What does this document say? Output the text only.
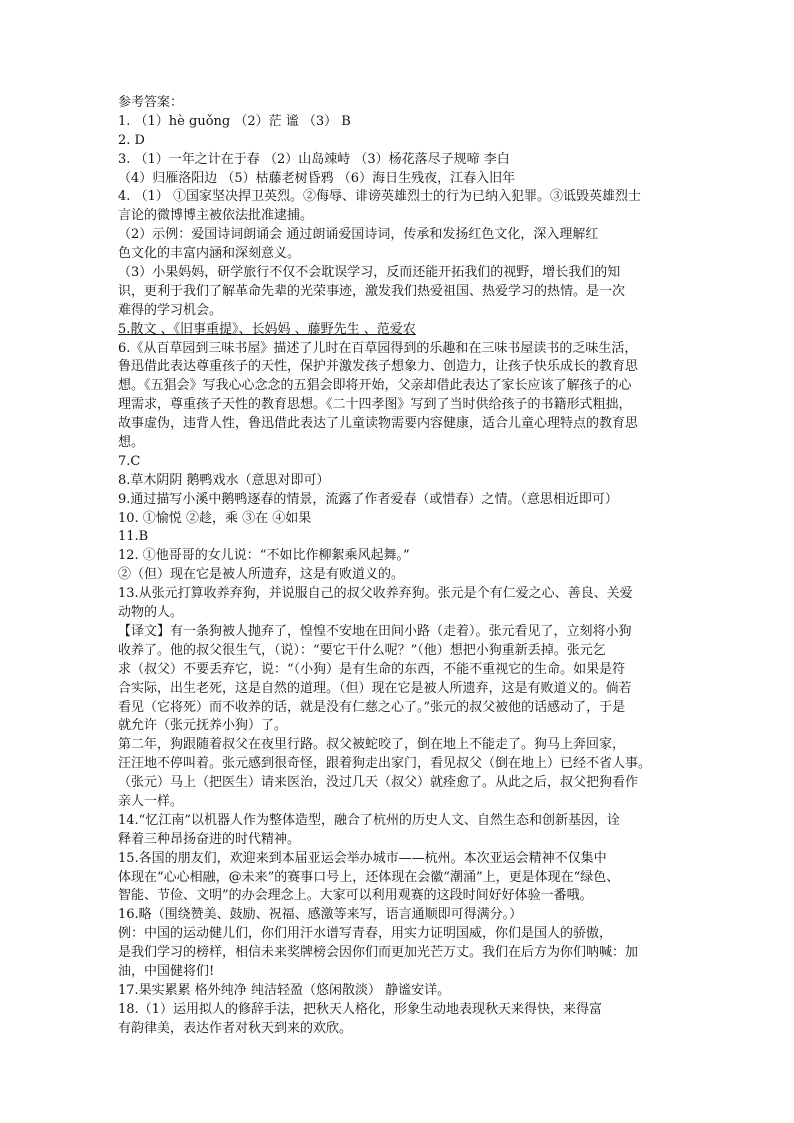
参考答案：
1. （1）hè guǒng （2）茫 谧 （3） B
2. D
3. （1）一年之计在于春 （2）山岛竦峙 （3）杨花落尽子规啼 李白
（4）归雁洛阳边 （5）枯藤老树昏鸦 （6）海日生残夜，江春入旧年
4. （1） ①国家坚决捍卫英烈。②侮辱、诽谤英雄烈士的行为已纳入犯罪。③诋毁英雄烈士
言论的微博博主被依法批准逮捕。
（2）示例：爱国诗词朗诵会 通过朗诵爱国诗词，传承和发扬红色文化，深入理解红
色文化的丰富内涵和深刻意义。
（3）小果妈妈，研学旅行不仅不会耽误学习，反而还能开拓我们的视野，增长我们的知
识，更利于我们了解革命先辈的光荣事迹，激发我们热爱祖国、热爱学习的热情。是一次
难得的学习机会。
5.散文 、《旧事重提》、长妈妈 、藤野先生 、范爱农
6.《从百草园到三味书屋》描述了儿时在百草园得到的乐趣和在三味书屋读书的乏味生活，
鲁迅借此表达尊重孩子的天性，保护并激发孩子想象力、创造力，让孩子快乐成长的教育思
想。《五猖会》写我心心念念的五猖会即将开始，父亲却借此表达了家长应该了解孩子的心
理需求，尊重孩子天性的教育思想。《二十四孝图》写到了当时供给孩子的书籍形式粗拙，
故事虚伪，违背人性，鲁迅借此表达了儿童读物需要内容健康，适合儿童心理特点的教育思
想。
7.C
8.草木阴阴 鹅鸭戏水（意思对即可）
9.通过描写小溪中鹅鸭逐春的情景，流露了作者爱春（或惜春）之情。（意思相近即可）
10. ①愉悦 ②趁，乘 ③在 ④如果
11.B
12. ①他哥哥的女儿说：“不如比作柳絮乘风起舞。”
②（但）现在它是被人所遗弃，这是有败道义的。
13.从张元打算收养弃狗，并说服自己的叔父收养弃狗。张元是个有仁爱之心、善良、关爱
动物的人。
【译文】有一条狗被人抛弃了，惶惶不安地在田间小路（走着）。张元看见了，立刻将小狗
收养了。他的叔父很生气，（说）：“要它干什么呢？”（他）想把小狗重新丢掉。张元乞
求（叔父）不要丢弃它，说：“（小狗）是有生命的东西，不能不重视它的生命。如果是符
合实际，出生老死，这是自然的道理。（但）现在它是被人所遗弃，这是有败道义的。倘若
看见（它将死）而不收养的话，就是没有仁慈之心了。”张元的叔父被他的话感动了，于是
就允许（张元抚养小狗）了。
第二年，狗跟随着叔父在夜里行路。叔父被蛇咬了，倒在地上不能走了。狗马上奔回家，
汪汪地不停叫着。张元感到很奇怪，跟着狗走出家门，看见叔父（倒在地上）已经不省人事。
（张元）马上（把医生）请来医治，没过几天（叔父）就痊愈了。从此之后，叔父把狗看作
亲人一样。
14.“忆江南”以机器人作为整体造型，融合了杭州的历史人文、自然生态和创新基因，诠
释着三种昂扬奋进的时代精神。
15.各国的朋友们，欢迎来到本届亚运会举办城市——杭州。本次亚运会精神不仅集中
体现在“心心相融，@未来”的赛事口号上，还体现在会徽“潮涌”上，更是体现在“绿色、
智能、节俭、文明”的办会理念上。大家可以利用观赛的这段时间好好体验一番哦。
16.略（围绕赞美、鼓励、祝福、感激等来写，语言通顺即可得满分。）
例：中国的运动健儿们，你们用汗水谱写青春，用实力证明国威，你们是国人的骄傲，
是我们学习的榜样，相信未来奖牌榜会因你们而更加光芒万丈。我们在后方为你们呐喊：加
油，中国健将们!
17.果实累累 格外纯净 纯洁轻盈（悠闲散淡） 静谧安详。
18.（1）运用拟人的修辞手法，把秋天人格化，形象生动地表现秋天来得快，来得富
有韵律美，表达作者对秋天到来的欢欣。
